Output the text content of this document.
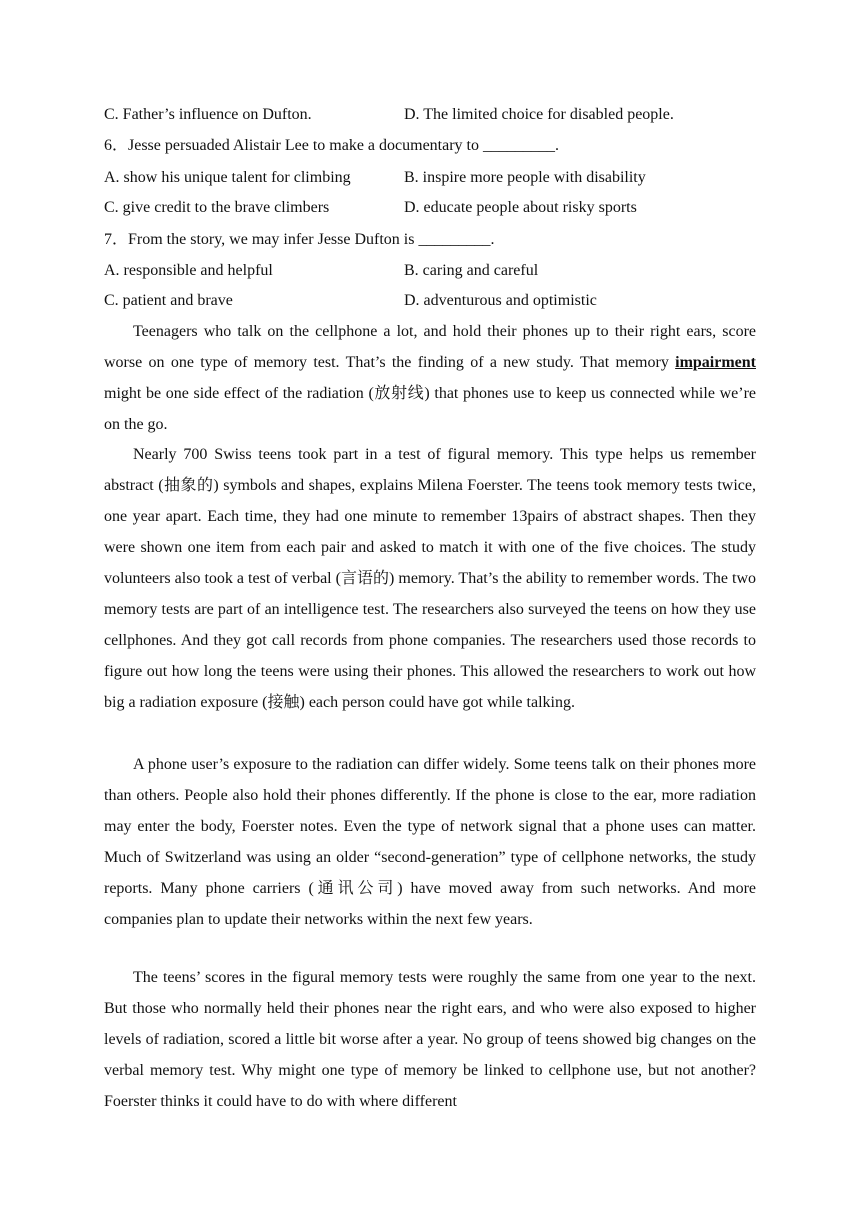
C. Father’s influence on Dufton.	D. The limited choice for disabled people.
6．Jesse persuaded Alistair Lee to make a documentary to _________.
A. show his unique talent for climbing	B. inspire more people with disability
C. give credit to the brave climbers	D. educate people about risky sports
7．From the story, we may infer Jesse Dufton is _________.
A. responsible and helpful	B. caring and careful
C. patient and brave	D. adventurous and optimistic

Teenagers who talk on the cellphone a lot, and hold their phones up to their right ears, score worse on one type of memory test. That’s the finding of a new study. That memory impairment might be one side effect of the radiation (放射线) that phones use to keep us connected while we’re on the go.

Nearly 700 Swiss teens took part in a test of figural memory. This type helps us remember abstract (抽象的) symbols and shapes, explains Milena Foerster. The teens took memory tests twice, one year apart. Each time, they had one minute to remember 13pairs of abstract shapes. Then they were shown one item from each pair and asked to match it with one of the five choices. The study volunteers also took a test of verbal (言语的) memory. That’s the ability to remember words. The two memory tests are part of an intelligence test. The researchers also surveyed the teens on how they use cellphones. And they got call records from phone companies. The researchers used those records to figure out how long the teens were using their phones. This allowed the researchers to work out how big a radiation exposure (接触) each person could have got while talking.

A phone user’s exposure to the radiation can differ widely. Some teens talk on their phones more than others. People also hold their phones differently. If the phone is close to the ear, more radiation may enter the body, Foerster notes. Even the type of network signal that a phone uses can matter. Much of Switzerland was using an older “second-generation” type of cellphone networks, the study reports. Many phone carriers (通讯公司) have moved away from such networks. And more companies plan to update their networks within the next few years.

The teens’ scores in the figural memory tests were roughly the same from one year to the next. But those who normally held their phones near the right ears, and who were also exposed to higher levels of radiation, scored a little bit worse after a year. No group of teens showed big changes on the verbal memory test. Why might one type of memory be linked to cellphone use, but not another? Foerster thinks it could have to do with where different
